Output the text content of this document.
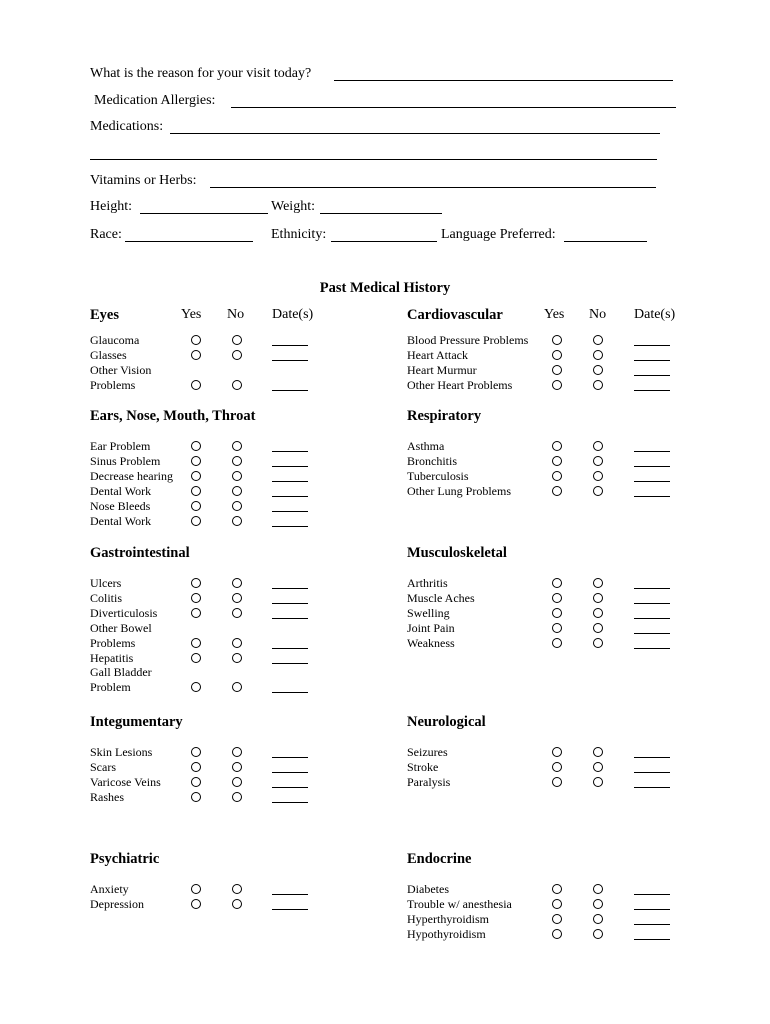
What is the reason for your visit today?
Medication Allergies:
Medications:
Vitamins or Herbs:
Height:	Weight:
Race:	Ethnicity:	Language Preferred:
Past Medical History
Yes No Date(s)	Yes No Date(s)
Eyes
Glaucoma
Glasses
Other Vision
Problems
Ears, Nose, Mouth, Throat
Ear Problem
Sinus Problem
Decrease hearing
Dental Work
Nose Bleeds
Dental Work
Gastrointestinal
Ulcers
Colitis
Diverticulosis
Other Bowel
Problems
Hepatitis
Gall Bladder
Problem
Integumentary
Skin Lesions
Scars
Varicose Veins
Rashes
Psychiatric
Anxiety
Depression
Cardiovascular
Blood Pressure Problems
Heart Attack
Heart Murmur
Other Heart Problems
Respiratory
Asthma
Bronchitis
Tuberculosis
Other Lung Problems
Musculoskeletal
Arthritis
Muscle Aches
Swelling
Joint Pain
Weakness
Neurological
Seizures
Stroke
Paralysis
Endocrine
Diabetes
Trouble w/ anesthesia
Hyperthyroidism
Hypothyroidism
